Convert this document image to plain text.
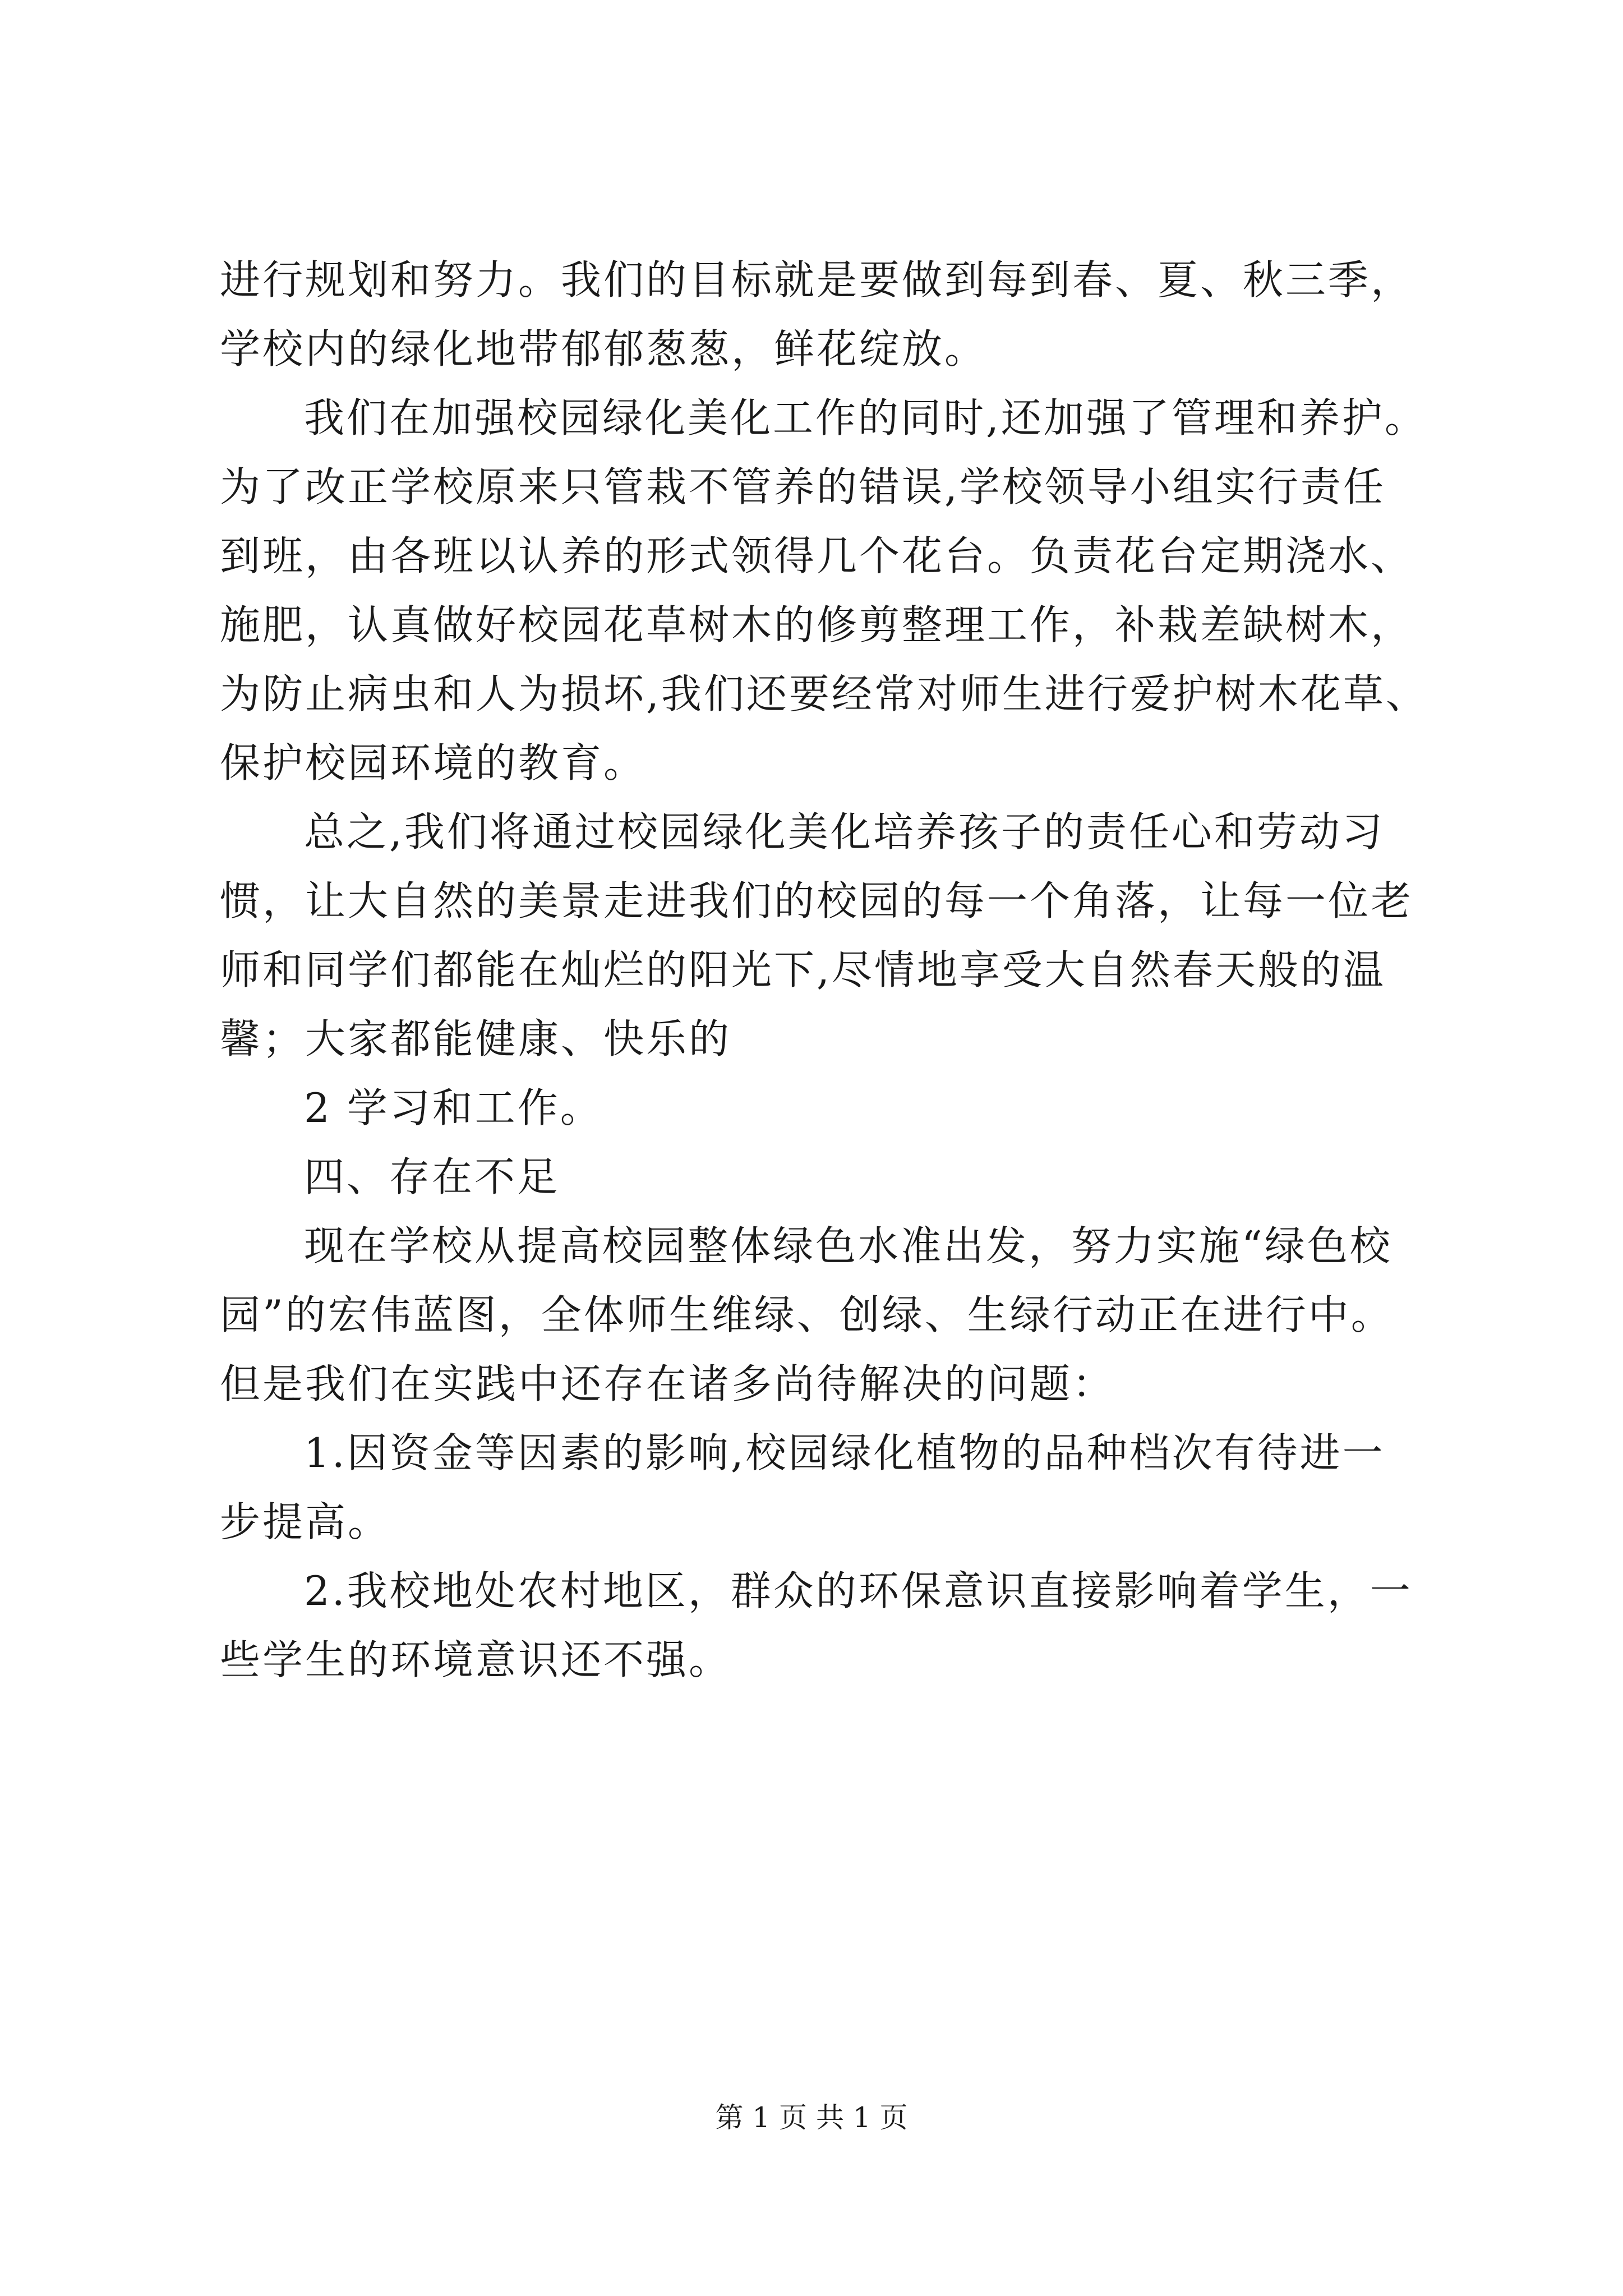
进行规划和努力。我们的目标就是要做到每到春、夏、秋三季，
学校内的绿化地带郁郁葱葱，鲜花绽放。
我们在加强校园绿化美化工作的同时,还加强了管理和养护。
为了改正学校原来只管栽不管养的错误,学校领导小组实行责任
到班，由各班以认养的形式领得几个花台。负责花台定期浇水、
施肥，认真做好校园花草树木的修剪整理工作，补栽差缺树木，
为防止病虫和人为损坏,我们还要经常对师生进行爱护树木花草、
保护校园环境的教育。
总之,我们将通过校园绿化美化培养孩子的责任心和劳动习
惯，让大自然的美景走进我们的校园的每一个角落，让每一位老
师和同学们都能在灿烂的阳光下,尽情地享受大自然春天般的温
馨；大家都能健康、快乐的
2 学习和工作。
四、存在不足
现在学校从提高校园整体绿色水准出发，努力实施“绿色校
园”的宏伟蓝图，全体师生维绿、创绿、生绿行动正在进行中。
但是我们在实践中还存在诸多尚待解决的问题：
1.因资金等因素的影响,校园绿化植物的品种档次有待进一
步提高。
2.我校地处农村地区，群众的环保意识直接影响着学生，一
些学生的环境意识还不强。
第 1 页 共 1 页
